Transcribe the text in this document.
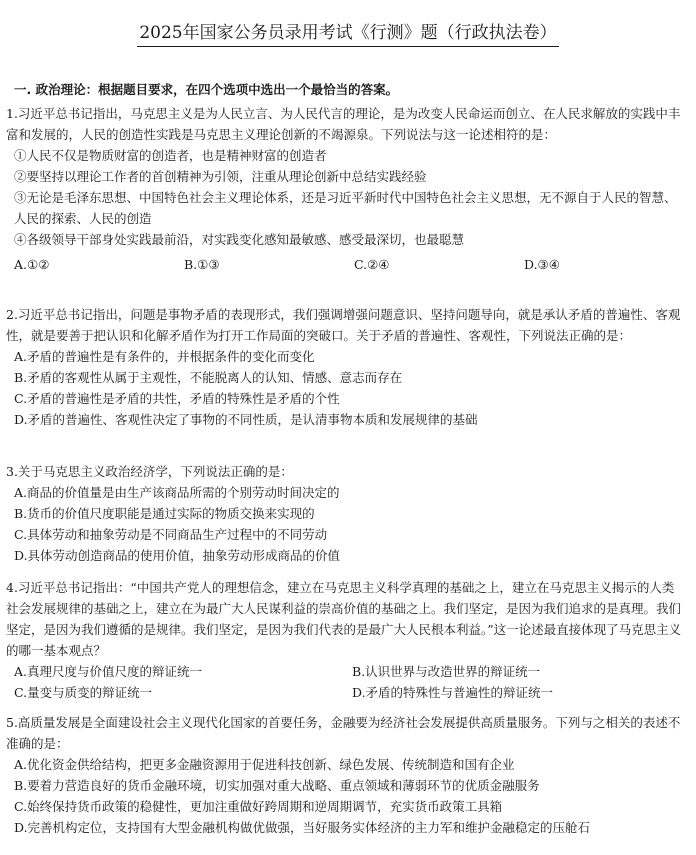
2025年国家公务员录用考试《行测》题（行政执法卷）
一. 政治理论：根据题目要求，在四个选项中选出一个最恰当的答案。

1.习近平总书记指出，马克思主义是为人民立言、为人民代言的理论，是为改变人民命运而创立、在人民求解放的实践中丰富和发展的，人民的创造性实践是马克思主义理论创新的不竭源泉。下列说法与这一论述相符的是：

①人民不仅是物质财富的创造者，也是精神财富的创造者

②要坚持以理论工作者的首创精神为引领，注重从理论创新中总结实践经验

③无论是毛泽东思想、中国特色社会主义理论体系，还是习近平新时代中国特色社会主义思想，无不源自于人民的智慧、人民的探索、人民的创造

④各级领导干部身处实践最前沿，对实践变化感知最敏感、感受最深切，也最聪慧

A.①②	B.①③	C.②④	D.③④

2.习近平总书记指出，问题是事物矛盾的表现形式，我们强调增强问题意识、坚持问题导向，就是承认矛盾的普遍性、客观性，就是要善于把认识和化解矛盾作为打开工作局面的突破口。关于矛盾的普遍性、客观性，下列说法正确的是：

A.矛盾的普遍性是有条件的，并根据条件的变化而变化

B.矛盾的客观性从属于主观性，不能脱离人的认知、情感、意志而存在

C.矛盾的普遍性是矛盾的共性，矛盾的特殊性是矛盾的个性

D.矛盾的普遍性、客观性决定了事物的不同性质，是认清事物本质和发展规律的基础

3.关于马克思主义政治经济学，下列说法正确的是：

A.商品的价值量是由生产该商品所需的个别劳动时间决定的

B.货币的价值尺度职能是通过实际的物质交换来实现的

C.具体劳动和抽象劳动是不同商品生产过程中的不同劳动

D.具体劳动创造商品的使用价值，抽象劳动形成商品的价值

4.习近平总书记指出：“中国共产党人的理想信念，建立在马克思主义科学真理的基础之上，建立在马克思主义揭示的人类社会发展规律的基础之上，建立在为最广大人民谋利益的崇高价值的基础之上。我们坚定，是因为我们追求的是真理。我们坚定，是因为我们遵循的是规律。我们坚定，是因为我们代表的是最广大人民根本利益。”这一论述最直接体现了马克思主义的哪一基本观点？

A.真理尺度与价值尺度的辩证统一	B.认识世界与改造世界的辩证统一
C.量变与质变的辩证统一	D.矛盾的特殊性与普遍性的辩证统一

5.高质量发展是全面建设社会主义现代化国家的首要任务，金融要为经济社会发展提供高质量服务。下列与之相关的表述不准确的是：

A.优化资金供给结构，把更多金融资源用于促进科技创新、绿色发展、传统制造和国有企业

B.要着力营造良好的货币金融环境，切实加强对重大战略、重点领域和薄弱环节的优质金融服务

C.始终保持货币政策的稳健性，更加注重做好跨周期和逆周期调节，充实货币政策工具箱

D.完善机构定位，支持国有大型金融机构做优做强，当好服务实体经济的主力军和维护金融稳定的压舱石
